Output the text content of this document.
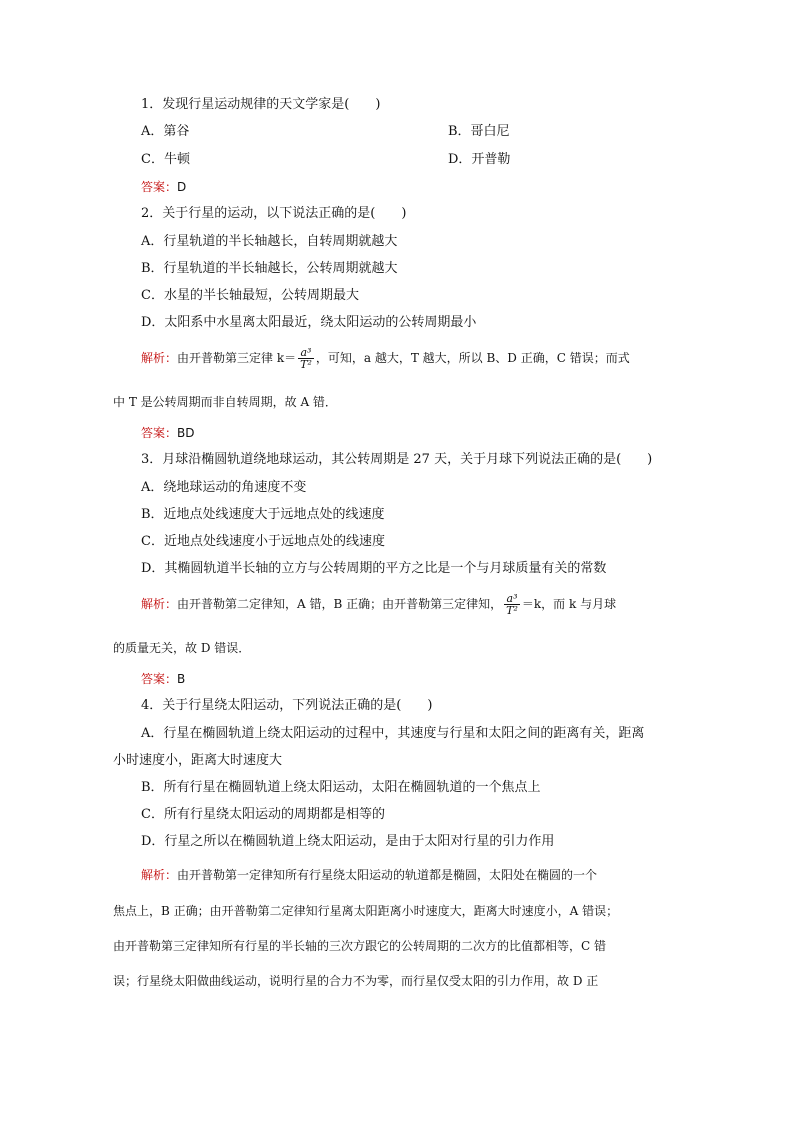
1．发现行星运动规律的天文学家是(　　)
A．第谷	B．哥白尼
C．牛顿	D．开普勒
答案：D
2．关于行星的运动，以下说法正确的是(　　)
A．行星轨道的半长轴越长，自转周期就越大
B．行星轨道的半长轴越长，公转周期就越大
C．水星的半长轴最短，公转周期最大
D．太阳系中水星离太阳最近，绕太阳运动的公转周期最小
解析：由开普勒第三定律 $k= \frac{\text{a³}}{\text{T²}}$ ，可知，a 越大，T 越大，所以 B、D 正确，C 错误；而式
中 T 是公转周期而非自转周期，故 A 错．
答案：BD
3．月球沿椭圆轨道绕地球运动，其公转周期是 27 天，关于月球下列说法正确的是(　　)
A．绕地球运动的角速度不变
B．近地点处线速度大于远地点处的线速度
C．近地点处线速度小于远地点处的线速度
D．其椭圆轨道半长轴的立方与公转周期的平方之比是一个与月球质量有关的常数
解析：由开普勒第二定律知，A 错，B 正确；由开普勒第三定律知， $\frac{\text{a³}}{\text{T²}} =k$，而 k 与月球
的质量无关，故 D 错误．
答案：B
4．关于行星绕太阳运动，下列说法正确的是(　　)
A．行星在椭圆轨道上绕太阳运动的过程中，其速度与行星和太阳之间的距离有关，距离
小时速度小，距离大时速度大
B．所有行星在椭圆轨道上绕太阳运动，太阳在椭圆轨道的一个焦点上
C．所有行星绕太阳运动的周期都是相等的
D．行星之所以在椭圆轨道上绕太阳运动，是由于太阳对行星的引力作用
解析：由开普勒第一定律知所有行星绕太阳运动的轨道都是椭圆，太阳处在椭圆的一个
焦点上，B 正确；由开普勒第二定律知行星离太阳距离小时速度大，距离大时速度小，A 错误；
由开普勒第三定律知所有行星的半长轴的三次方跟它的公转周期的二次方的比值都相等，C 错
误；行星绕太阳做曲线运动，说明行星的合力不为零，而行星仅受太阳的引力作用，故 D 正
